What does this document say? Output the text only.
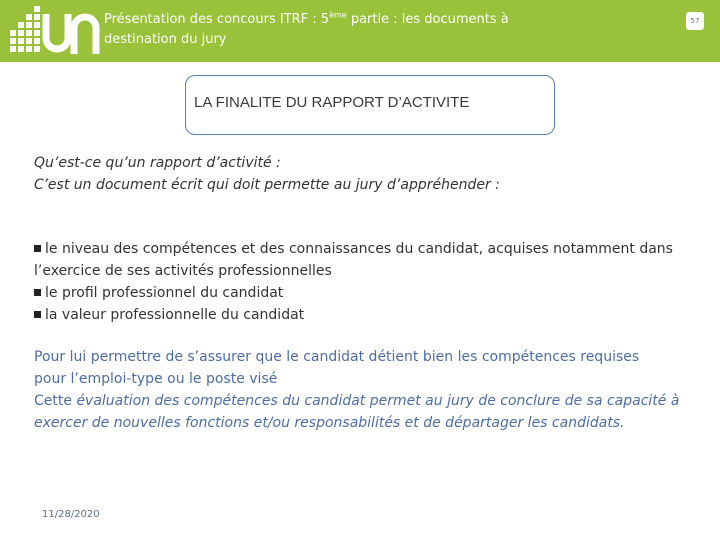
Présentation des concours ITRF : 5ème partie : les documents à
destination du jury
57
LA FINALITE DU RAPPORT D’ACTIVITE
Qu’est-ce qu’un rapport d’activité :
C’est un document écrit qui doit permette au jury d’appréhender :
le niveau des compétences et des connaissances du candidat, acquises notamment dans
l’exercice de ses activités professionnelles
le profil professionnel du candidat
la valeur professionnelle du candidat
Pour lui permettre de s’assurer que le candidat détient bien les compétences requises
pour l’emploi-type ou le poste visé
Cette évaluation des compétences du candidat permet au jury de conclure de sa capacité à
exercer de nouvelles fonctions et/ou responsabilités et de départager les candidats.
11/28/2020
